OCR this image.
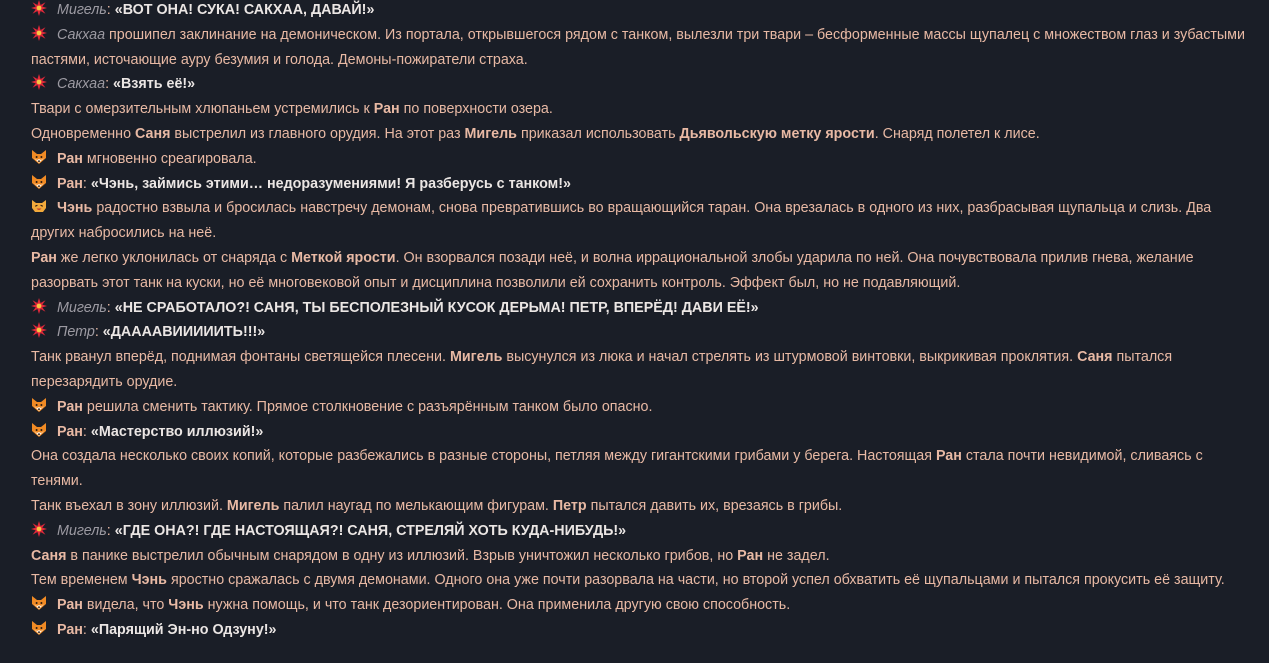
Мигель: «ВОТ ОНА! СУКА! САКХАА, ДАВАЙ!»
Сакхаа прошипел заклинание на демоническом. Из портала, открывшегося рядом с танком, вылезли три твари – бесформенные массы щупалец с множеством глаз и зубастыми пастями, источающие ауру безумия и голода. Демоны-пожиратели страха.
Сакхаа: «Взять её!»
Твари с омерзительным хлюпаньем устремились к Ран по поверхности озера.
Одновременно Саня выстрелил из главного орудия. На этот раз Мигель приказал использовать Дьявольскую метку ярости. Снаряд полетел к лисе.
Ран мгновенно среагировала.
Ран: «Чэнь, займись этими… недоразумениями! Я разберусь с танком!»
Чэнь радостно взвыла и бросилась навстречу демонам, снова превратившись во вращающийся таран. Она врезалась в одного из них, разбрасывая щупальца и слизь. Два других набросились на неё.
Ран же легко уклонилась от снаряда с Меткой ярости. Он взорвался позади неё, и волна иррациональной злобы ударила по ней. Она почувствовала прилив гнева, желание разорвать этот танк на куски, но её многовековой опыт и дисциплина позволили ей сохранить контроль. Эффект был, но не подавляющий.
Мигель: «НЕ СРАБОТАЛО?! САНЯ, ТЫ БЕСПОЛЕЗНЫЙ КУСОК ДЕРЬМА! ПЕТР, ВПЕРЁД! ДАВИ ЕЁ!»
Петр: «ДААААВИИИИИТЬ!!!»
Танк рванул вперёд, поднимая фонтаны светящейся плесени. Мигель высунулся из люка и начал стрелять из штурмовой винтовки, выкрикивая проклятия. Саня пытался перезарядить орудие.
Ран решила сменить тактику. Прямое столкновение с разъярённым танком было опасно.
Ран: «Мастерство иллюзий!»
Она создала несколько своих копий, которые разбежались в разные стороны, петляя между гигантскими грибами у берега. Настоящая Ран стала почти невидимой, сливаясь с тенями.
Танк въехал в зону иллюзий. Мигель палил наугад по мелькающим фигурам. Петр пытался давить их, врезаясь в грибы.
Мигель: «ГДЕ ОНА?! ГДЕ НАСТОЯЩАЯ?! САНЯ, СТРЕЛЯЙ ХОТЬ КУДА-НИБУДЬ!»
Саня в панике выстрелил обычным снарядом в одну из иллюзий. Взрыв уничтожил несколько грибов, но Ран не задел.
Тем временем Чэнь яростно сражалась с двумя демонами. Одного она уже почти разорвала на части, но второй успел обхватить её щупальцами и пытался прокусить её защиту.
Ран видела, что Чэнь нужна помощь, и что танк дезориентирован. Она применила другую свою способность.
Ран: «Парящий Эн-но Одзуну!»
